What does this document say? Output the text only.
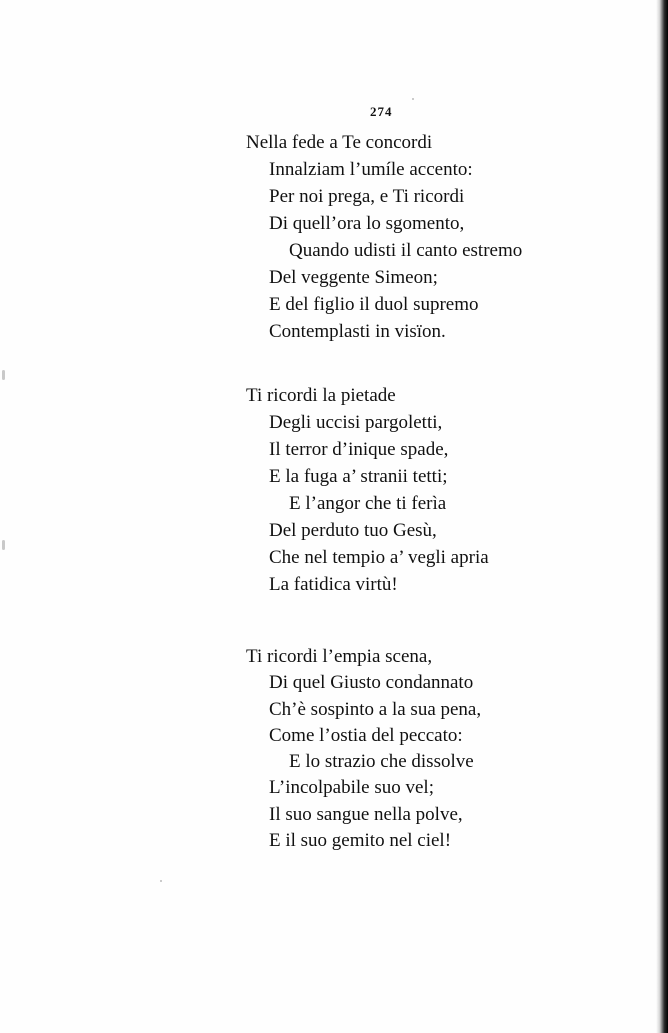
274
Nella fede a Te concordi
Innalziam l’umíle accento:
Per noi prega, e Ti ricordi
Di quell’ora lo sgomento,
Quando udisti il canto estremo
Del veggente Simeon;
E del figlio il duol supremo
Contemplasti in visïon.
Ti ricordi la pietade
Degli uccisi pargoletti,
Il terror d’inique spade,
E la fuga a’ stranii tetti;
E l’angor che ti ferìa
Del perduto tuo Gesù,
Che nel tempio a’ vegli apria
La fatidica virtù!
Ti ricordi l’empia scena,
Di quel Giusto condannato
Ch’è sospinto a la sua pena,
Come l’ostia del peccato:
E lo strazio che dissolve
L’incolpabile suo vel;
Il suo sangue nella polve,
E il suo gemito nel ciel!
